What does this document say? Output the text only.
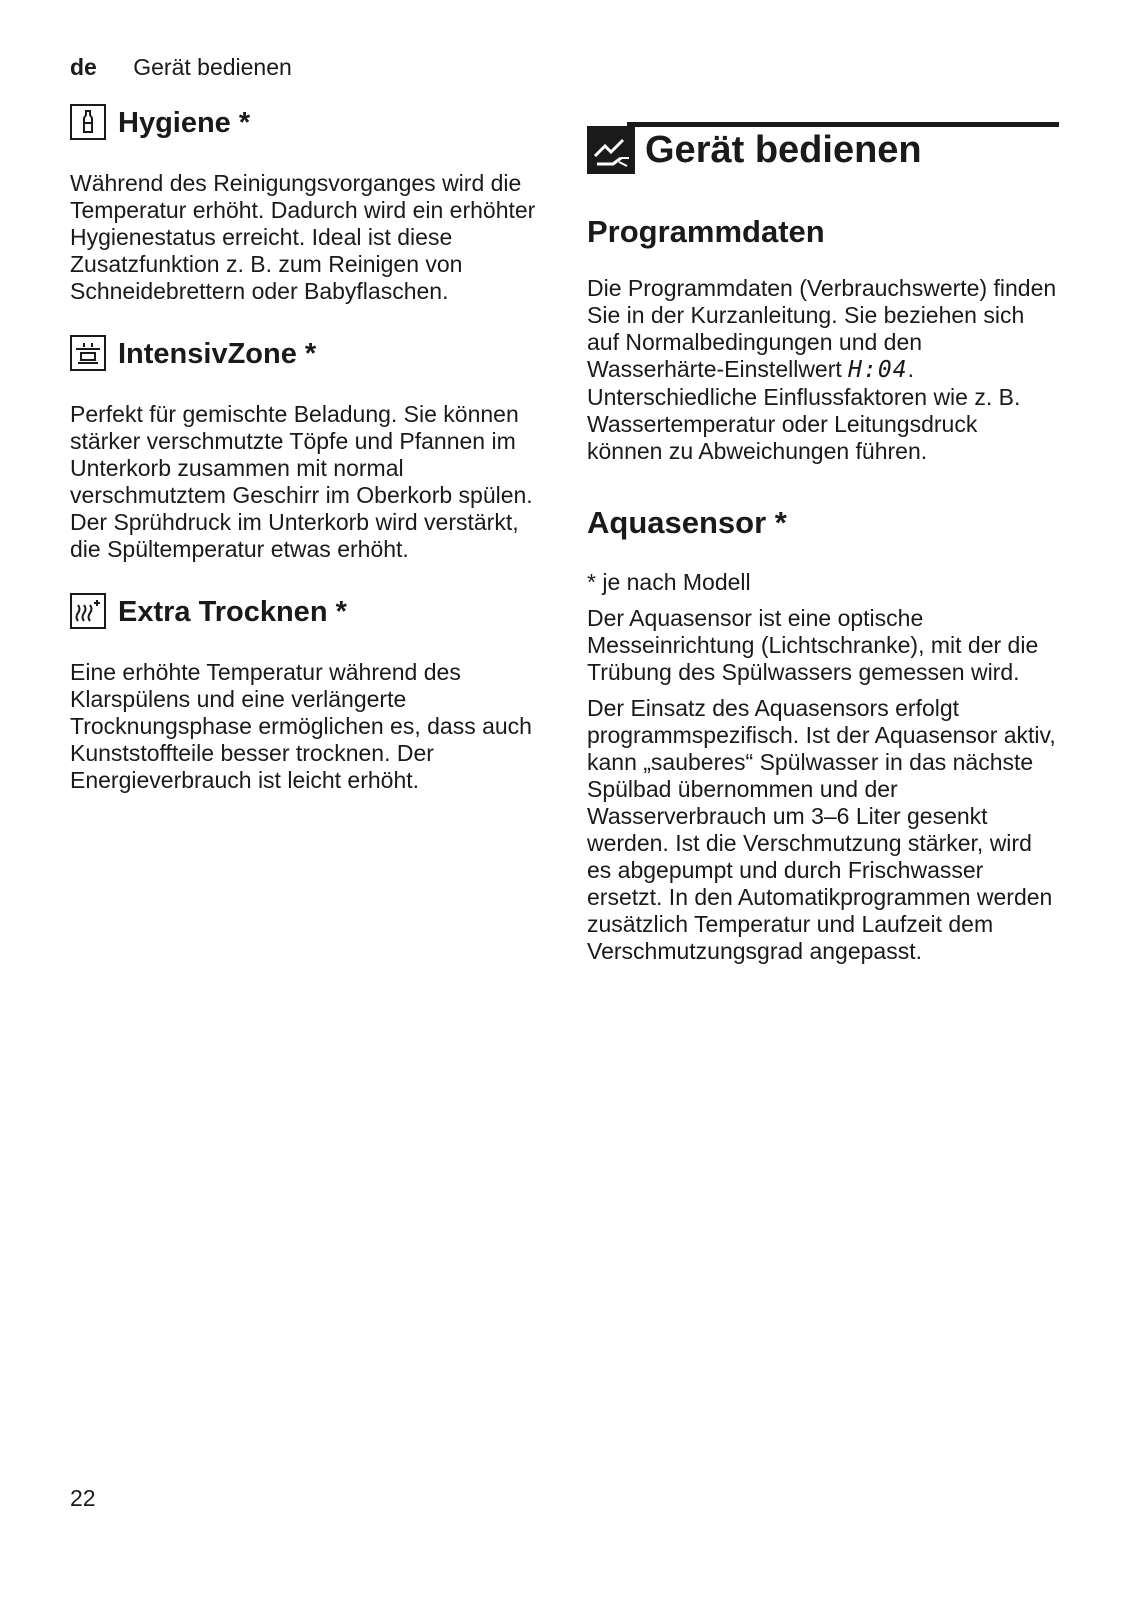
de Gerät bedienen
Hygiene *

Während des Reinigungsvorganges wird die Temperatur erhöht. Dadurch wird ein erhöhter Hygienestatus erreicht. Ideal ist diese Zusatzfunktion z. B. zum Reinigen von Schneidebrettern oder Babyflaschen.

IntensivZone *

Perfekt für gemischte Beladung. Sie können stärker verschmutzte Töpfe und Pfannen im Unterkorb zusammen mit normal verschmutztem Geschirr im Oberkorb spülen. Der Sprühdruck im Unterkorb wird verstärkt, die Spültemperatur etwas erhöht.

Extra Trocknen *

Eine erhöhte Temperatur während des Klarspülens und eine verlängerte Trocknungsphase ermöglichen es, dass auch Kunststoffteile besser trocknen. Der Energieverbrauch ist leicht erhöht.

Gerät bedienen
Programmdaten

Die Programmdaten (Verbrauchswerte) finden Sie in der Kurzanleitung. Sie beziehen sich auf Normalbedingungen und den Wasserhärte-Einstellwert H:04. Unterschiedliche Einflussfaktoren wie z. B. Wassertemperatur oder Leitungsdruck können zu Abweichungen führen.

Aquasensor *

* je nach Modell

Der Aquasensor ist eine optische Messeinrichtung (Lichtschranke), mit der die Trübung des Spülwassers gemessen wird.

Der Einsatz des Aquasensors erfolgt programmspezifisch. Ist der Aquasensor aktiv, kann „sauberes“ Spülwasser in das nächste Spülbad übernommen und der Wasserverbrauch um 3–6 Liter gesenkt werden. Ist die Verschmutzung stärker, wird es abgepumpt und durch Frischwasser ersetzt. In den Automatikprogrammen werden zusätzlich Temperatur und Laufzeit dem Verschmutzungsgrad angepasst.

22
